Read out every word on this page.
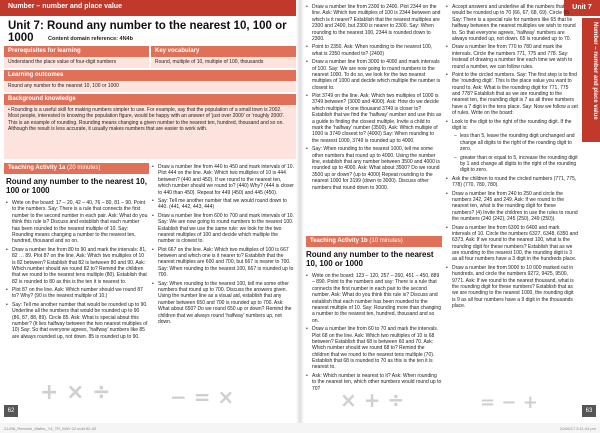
Number – number and place value
Unit 7: Round any number to the nearest 10, 100 or 1000	Content domain reference: 4N4b
Prerequisites for learning
Understand the place value of four-digit numbers
Key vocabulary
Round, multiple of 10, multiple of 100, thousands
Learning outcomes
Round any number to the nearest 10, 100 or 1000
Background knowledge
• Rounding is a useful skill for making numbers simpler to use. For example, say that the population of a small town is 2002. Most people, interested in knowing the population figure, would be happy with an answer of ‘just over 2000’ or ‘roughly 2000’. This is an example of rounding. Rounding means changing a given number to the nearest ten, hundred, thousand and so on. Although the result is less accurate, it usually makes numbers that are easier to work with.
Teaching Activity 1a (20 minutes)
Round any number to the nearest 10, 100 or 1000
• Write on the board: 17 – 20, 42 – 40, 76 – 80, 81 – 90. Point to the numbers. Say: There is a rule that connects the first number to the second number in each pair. Ask: What do you think this rule is? Discuss and establish that each number has been rounded to the nearest multiple of 10. Say: Rounding means changing a number to the nearest ten, hundred, thousand and so on.
• Draw a number line from 80 to 90 and mark the intervals: 81, 82 … 89. Plot 87 on the line. Ask: Which two multiples of 10 is 82 between? Establish that 82 is between 80 and 90. Ask: Which number should we round 82 to? Remind the children that we round to the nearest tens multiple (80). Establish that 82 is rounded to 80 as this is the ten it is nearest to.
• Plot 87 on the line. Ask: Which number should we round 87 to? Why? (90 is the nearest multiple of 10.)
• Say: Tell me another number that would be rounded up to 90. Underline all the numbers that would be rounded up to 90 (86, 87, 88, 89). Circle 85. Ask: What is special about this number? (It lies halfway between the two nearest multiples of 10) Say: So that everyone agrees, ‘halfway’ numbers like 85 are always rounded up, not down. 85 is rounded up to 90.
• Draw a number line from 440 to 450 and mark intervals of 10. Plot 444 on the line. Ask: Which two multiples of 10 is 444 between? (440 and 450). If we round to the nearest ten, which number should we round to? (440) Why? (444 is closer to 440 than 450). Repeat for 449 (450) and 445 (450).
• Say: Tell me another number that we would round down to 440. (441, 442, 443, 444)
• Draw a number line from 600 to 700 and mark intervals of 10. Say: We are now going to round numbers to the nearest 100. Establish that we use the same rule: we look for the two nearest multiples of 100 and decide which multiple the number is closest to.
• Plot 667 on the line. Ask: Which two multiples of 100 is 667 between and which one is it nearer to? Establish that the nearest multiples are 600 and 700, but 667 is nearer to 700. Say: When rounding to the nearest 100, 667 is rounded up to 700.
• Say: When rounding to the nearest 100, tell me some other numbers that round up to 700. Discuss the answers given. Using the number line as a visual aid, establish that any number between 650 and 700 is rounded up to 700. Ask: What about 650? Do we round 650 up or down? Remind the children that we always round ‘halfway’ numbers up, not down.
+ × ÷	− = ×
62
Unit 7
Number – number and place value
• Draw a number line from 2300 to 2400. Plot 2344 on the line. Ask: Which two multiples of 100 is 2344 between and which is it nearer? Establish that the nearest multiples are 2300 and 2400, but 2300 is nearer to 2300. Say: When rounding to the nearest 100, 2344 is rounded down to 2300.
• Point to 2350. Ask: When rounding to the nearest 100, what is 2350 rounded to? (2400)
• Draw a number line from 3000 to 4000 and mark intervals of 100. Say: We are now going to round numbers to the nearest 1000. To do so, we look for the two nearest multiples of 1000 and decide which multiple the number is closest to.
• Plot 3749 on the line. Ask: Which two multiples of 1000 is 3749 between? (3000 and 4000). Ask: How do we decide which multiple of one thousand 3749 is closer to? Establish that we find the ‘halfway’ number and use this as a guide to finding the closest multiple. Invite a child to mark the ‘halfway’ number (3500). Ask: Which multiple of 1000 is 3749 closest to? (4000) Say: When rounding to the nearest 1000, 3749 is rounded up to 4000.
• Say: When rounding to the nearest 1000, tell me some other numbers that round up to 4000. Using the number line, establish that any number between 3500 and 4000 is rounded up to 4000. Ask: What about 3500? Do we round 3500 up or down? (up to 4000) Repeat rounding to the nearest 1000 for 3199 (down to 3000). Discuss other numbers that round down to 3000.
Teaching Activity 1b (10 minutes)
Round any number to the nearest 10, 100 or 1000
• Write on the board: 123 – 120, 257 – 260, 451 – 450, 889 – 890. Point to the numbers and say: There is a rule that connects the first number in each pair to the second number. Ask: What do you think this rule is? Discuss and establish that each number has been rounded to the nearest multiple of 10. Say: Rounding more than changing a number to the nearest ten, hundred, thousand and so on.
• Draw a number line from 60 to 70 and mark the intervals. Plot 68 on the line. Ask: Which two multiples of 10 is 68 between? Establish that 68 is between 60 and 70. Ask: Which number should we round 68 to? Remind the children that we round to the nearest tens multiple (70). Establish that 68 is rounded to 70 as this is the ten it is nearest to.
• Ask: Which number is nearest to it? Ask: When rounding to the nearest ten, which other numbers would round up to 70?
• Accept answers and underline all the numbers that would be rounded up to 70 (66, 67, 68, 69). Circle 65. Say: There is a special rule for numbers like 65 that lie halfway between the nearest multiples we wish to round to. So that everyone agrees, ‘halfway’ numbers are always rounded up, not down. 65 is rounded up to 70.
• Draw a number line from 770 to 780 and mark the intervals. Circle the numbers 771, 775 and 778. Say: Instead of drawing a number line each time we wish to round a number, we can follow rules.
• Point to the circled numbers. Say: The first step is to find the ‘rounding digit’. This is the place value you want to round to. Ask: What is the rounding digit for 771, 775 and 778? Establish that as we are rounding to the nearest ten, the rounding digit is 7 as all three numbers have a 7 digit in the tens place. Say: Now we follow a set of rules. Write on the board:
• Look to the digit to the right of the rounding digit. If the digit is:
– less than 5, leave the rounding digit unchanged and change all digits to the right of the rounding digit to zero.
– greater than or equal to 5, increase the rounding digit by 1 and change all digits to the right of the rounding digit to zero.
• Ask the children to round the circled numbers (771, 775, 778) (770, 780, 780).
• Draw a number line from 240 to 250 and circle the numbers 242, 245 and 249. Ask: If we round to the nearest ten, what is the rounding digit for these numbers? (4) Invite the children to use the rules to round the numbers (240 (242), 245 (250), 249 (250)).
• Draw a number line from 6300 to 6400 and mark intervals of 10. Circle the numbers 6327, 6348, 6350 and 6373. Ask: If we round to the nearest 100, what is the rounding digit for these numbers? Establish that as we are rounding to the nearest 100, the rounding digit is 3 as all four numbers have a 3 digit in the hundreds place.
• Draw a number line from 9000 to 10 000 marked out in hundreds, and circle the numbers 9272, 9425, 9500, 9771. Ask: If we round to the nearest thousand, what is the rounding digit for these numbers? Establish that as we are rounding to the nearest 1000, the rounding digit is 9 as all four numbers have a 9 digit in the thousands place.
× + ÷	= − +	63
21436_Rebonin_Maths_Y4_TR_MAY 02.indd 62-63	21/06/17 3:11:04 pm
